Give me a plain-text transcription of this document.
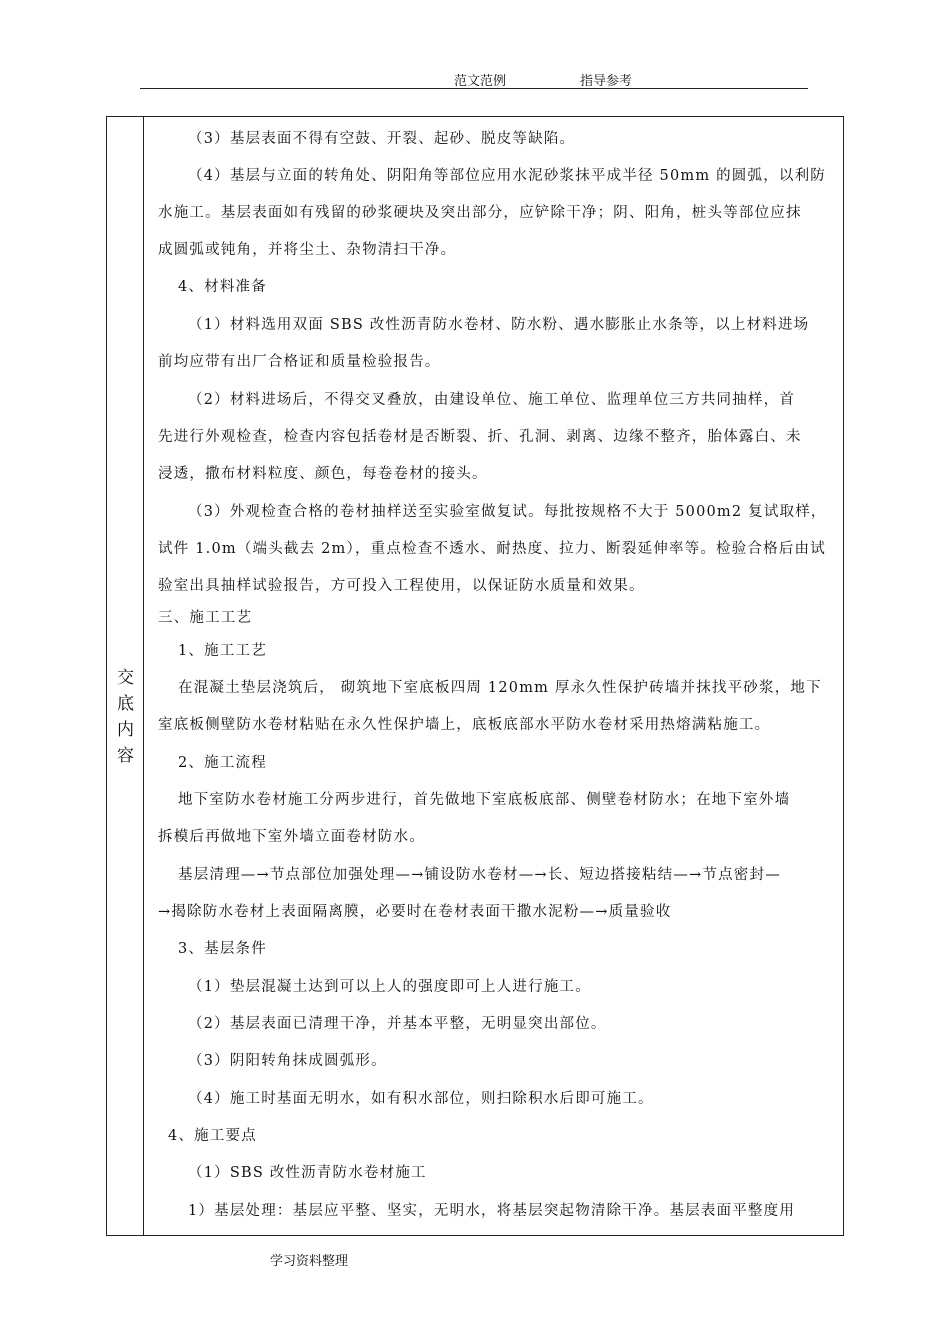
范文范例	指导参考
交
底
内
容
（3）基层表面不得有空鼓、开裂、起砂、脱皮等缺陷。
（4）基层与立面的转角处、阴阳角等部位应用水泥砂浆抹平成半径 50mm 的圆弧，以利防
水施工。基层表面如有残留的砂浆硬块及突出部分，应铲除干净；阴、阳角，桩头等部位应抹
成圆弧或钝角，并将尘土、杂物清扫干净。
4、材料准备
（1）材料选用双面 SBS 改性沥青防水卷材、防水粉、遇水膨胀止水条等，以上材料进场
前均应带有出厂合格证和质量检验报告。
（2）材料进场后，不得交叉叠放，由建设单位、施工单位、监理单位三方共同抽样，首
先进行外观检查，检查内容包括卷材是否断裂、折、孔洞、剥离、边缘不整齐，胎体露白、未
浸透，撒布材料粒度、颜色，每卷卷材的接头。
（3）外观检查合格的卷材抽样送至实验室做复试。每批按规格不大于 5000m2 复试取样，
试件 1.0m（端头截去 2m），重点检查不透水、耐热度、拉力、断裂延伸率等。检验合格后由试
验室出具抽样试验报告，方可投入工程使用，以保证防水质量和效果。
三、施工工艺
1、施工工艺
在混凝土垫层浇筑后， 砌筑地下室底板四周 120mm 厚永久性保护砖墙并抹找平砂浆，地下
室底板侧壁防水卷材粘贴在永久性保护墙上，底板底部水平防水卷材采用热熔满粘施工。
2、施工流程
地下室防水卷材施工分两步进行，首先做地下室底板底部、侧壁卷材防水；在地下室外墙
拆模后再做地下室外墙立面卷材防水。
基层清理—→节点部位加强处理—→铺设防水卷材—→长、短边搭接粘结—→节点密封—
→揭除防水卷材上表面隔离膜，必要时在卷材表面干撒水泥粉—→质量验收
3、基层条件
（1）垫层混凝土达到可以上人的强度即可上人进行施工。
（2）基层表面已清理干净，并基本平整，无明显突出部位。
（3）阴阳转角抹成圆弧形。
（4）施工时基面无明水，如有积水部位，则扫除积水后即可施工。
4、施工要点
（1）SBS 改性沥青防水卷材施工
1）基层处理：基层应平整、坚实，无明水，将基层突起物清除干净。基层表面平整度用
学习资料整理
